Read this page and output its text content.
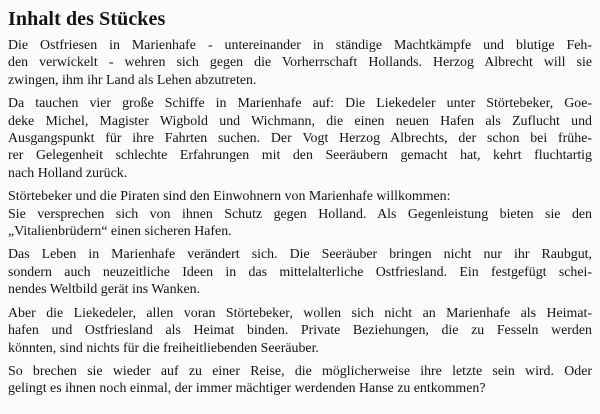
Inhalt des Stückes

Die Ostfriesen in Marienhafe - untereinander in ständige Machtkämpfe und blutige Feh-
den verwickelt - wehren sich gegen die Vorherrschaft Hollands. Herzog Albrecht will sie
zwingen, ihm ihr Land als Lehen abzutreten.

Da tauchen vier große Schiffe in Marienhafe auf: Die Liekedeler unter Störtebeker, Goe-
deke Michel, Magister Wigbold und Wichmann, die einen neuen Hafen als Zuflucht und
Ausgangspunkt für ihre Fahrten suchen. Der Vogt Herzog Albrechts, der schon bei frühe-
rer Gelegenheit schlechte Erfahrungen mit den Seeräubern gemacht hat, kehrt fluchtartig
nach Holland zurück.

Störtebeker und die Piraten sind den Einwohnern von Marienhafe willkommen:
Sie versprechen sich von ihnen Schutz gegen Holland. Als Gegenleistung bieten sie den
„Vitalienbrüdern“ einen sicheren Hafen.

Das Leben in Marienhafe verändert sich. Die Seeräuber bringen nicht nur ihr Raubgut,
sondern auch neuzeitliche Ideen in das mittelalterliche Ostfriesland. Ein festgefügt schei-
nendes Weltbild gerät ins Wanken.

Aber die Liekedeler, allen voran Störtebeker, wollen sich nicht an Marienhafe als Heimat-
hafen und Ostfriesland als Heimat binden. Private Beziehungen, die zu Fesseln werden
könnten, sind nichts für die freiheitliebenden Seeräuber.

So brechen sie wieder auf zu einer Reise, die möglicherweise ihre letzte sein wird. Oder
gelingt es ihnen noch einmal, der immer mächtiger werdenden Hanse zu entkommen?
